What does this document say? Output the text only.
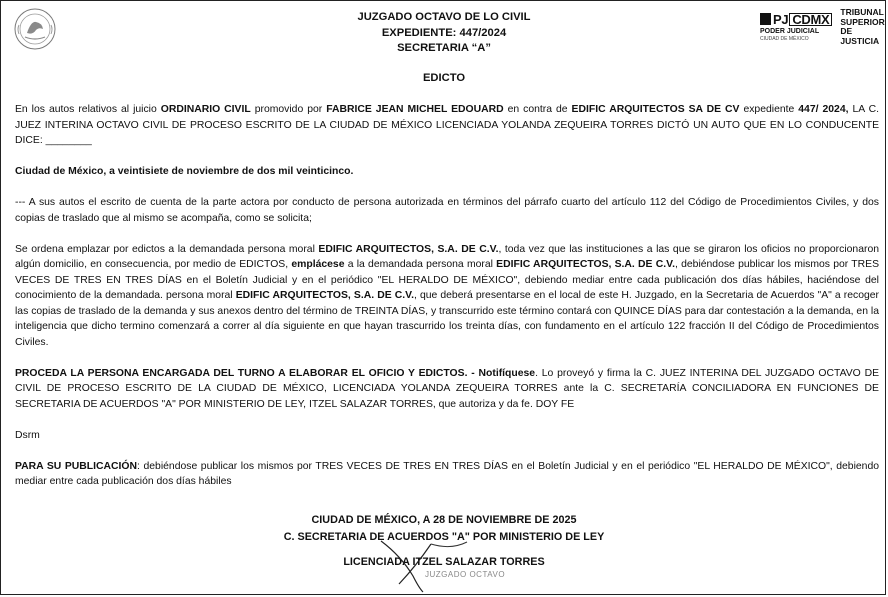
JUZGADO OCTAVO DE LO CIVIL
EXPEDIENTE: 447/2024
SECRETARIA “A”
PJ CDMX
PODER JUDICIAL
CIUDAD DE MÉXICO
TRIBUNAL
SUPERIOR DE
JUSTICIA
EDICTO

En los autos relativos al juicio ORDINARIO CIVIL promovido por FABRICE JEAN MICHEL EDOUARD en contra de EDIFIC ARQUITECTOS SA DE CV expediente 447/ 2024, LA C. JUEZ INTERINA OCTAVO CIVIL DE PROCESO ESCRITO DE LA CIUDAD DE MÉXICO LICENCIADA YOLANDA ZEQUEIRA TORRES DICTÓ UN AUTO QUE EN LO CONDUCENTE DICE: ________

Ciudad de México, a veintisiete de noviembre de dos mil veinticinco.

--- A sus autos el escrito de cuenta de la parte actora por conducto de persona autorizada en términos del párrafo cuarto del artículo 112 del Código de Procedimientos Civiles, y dos copias de traslado que al mismo se acompaña, como se solicita;

Se ordena emplazar por edictos a la demandada persona moral EDIFIC ARQUITECTOS, S.A. DE C.V., toda vez que las instituciones a las que se giraron los oficios no proporcionaron algún domicilio, en consecuencia, por medio de EDICTOS, emplácese a la demandada persona moral EDIFIC ARQUITECTOS, S.A. DE C.V., debiéndose publicar los mismos por TRES VECES DE TRES EN TRES DÍAS en el Boletín Judicial y en el periódico "EL HERALDO DE MÉXICO", debiendo mediar entre cada publicación dos días hábiles, haciéndose del conocimiento de la demandada. persona moral EDIFIC ARQUITECTOS, S.A. DE C.V., que deberá presentarse en el local de este H. Juzgado, en la Secretaria de Acuerdos "A" a recoger las copias de traslado de la demanda y sus anexos dentro del término de TREINTA DÍAS, y transcurrido este término contará con QUINCE DÍAS para dar contestación a la demanda, en la inteligencia que dicho termino comenzará a correr al día siguiente en que hayan trascurrido los treinta días, con fundamento en el artículo 122 fracción II del Código de Procedimientos Civiles.

PROCEDA LA PERSONA ENCARGADA DEL TURNO A ELABORAR EL OFICIO Y EDICTOS. - Notifíquese. Lo proveyó y firma la C. JUEZ INTERINA DEL JUZGADO OCTAVO DE CIVIL DE PROCESO ESCRITO DE LA CIUDAD DE MÉXICO, LICENCIADA YOLANDA ZEQUEIRA TORRES ante la C. SECRETARÍA CONCILIADORA EN FUNCIONES DE SECRETARIA DE ACUERDOS "A" POR MINISTERIO DE LEY, ITZEL SALAZAR TORRES, que autoriza y da fe. DOY FE

Dsrm

PARA SU PUBLICACIÓN: debiéndose publicar los mismos por TRES VECES DE TRES EN TRES DÍAS en el Boletín Judicial y en el periódico "EL HERALDO DE MÉXICO", debiendo mediar entre cada publicación dos días hábiles

CIUDAD DE MÉXICO, A 28 DE NOVIEMBRE DE 2025
C. SECRETARIA DE ACUERDOS "A" POR MINISTERIO DE LEY
LICENCIADA ITZEL SALAZAR TORRES
JUZGADO OCTAVO
